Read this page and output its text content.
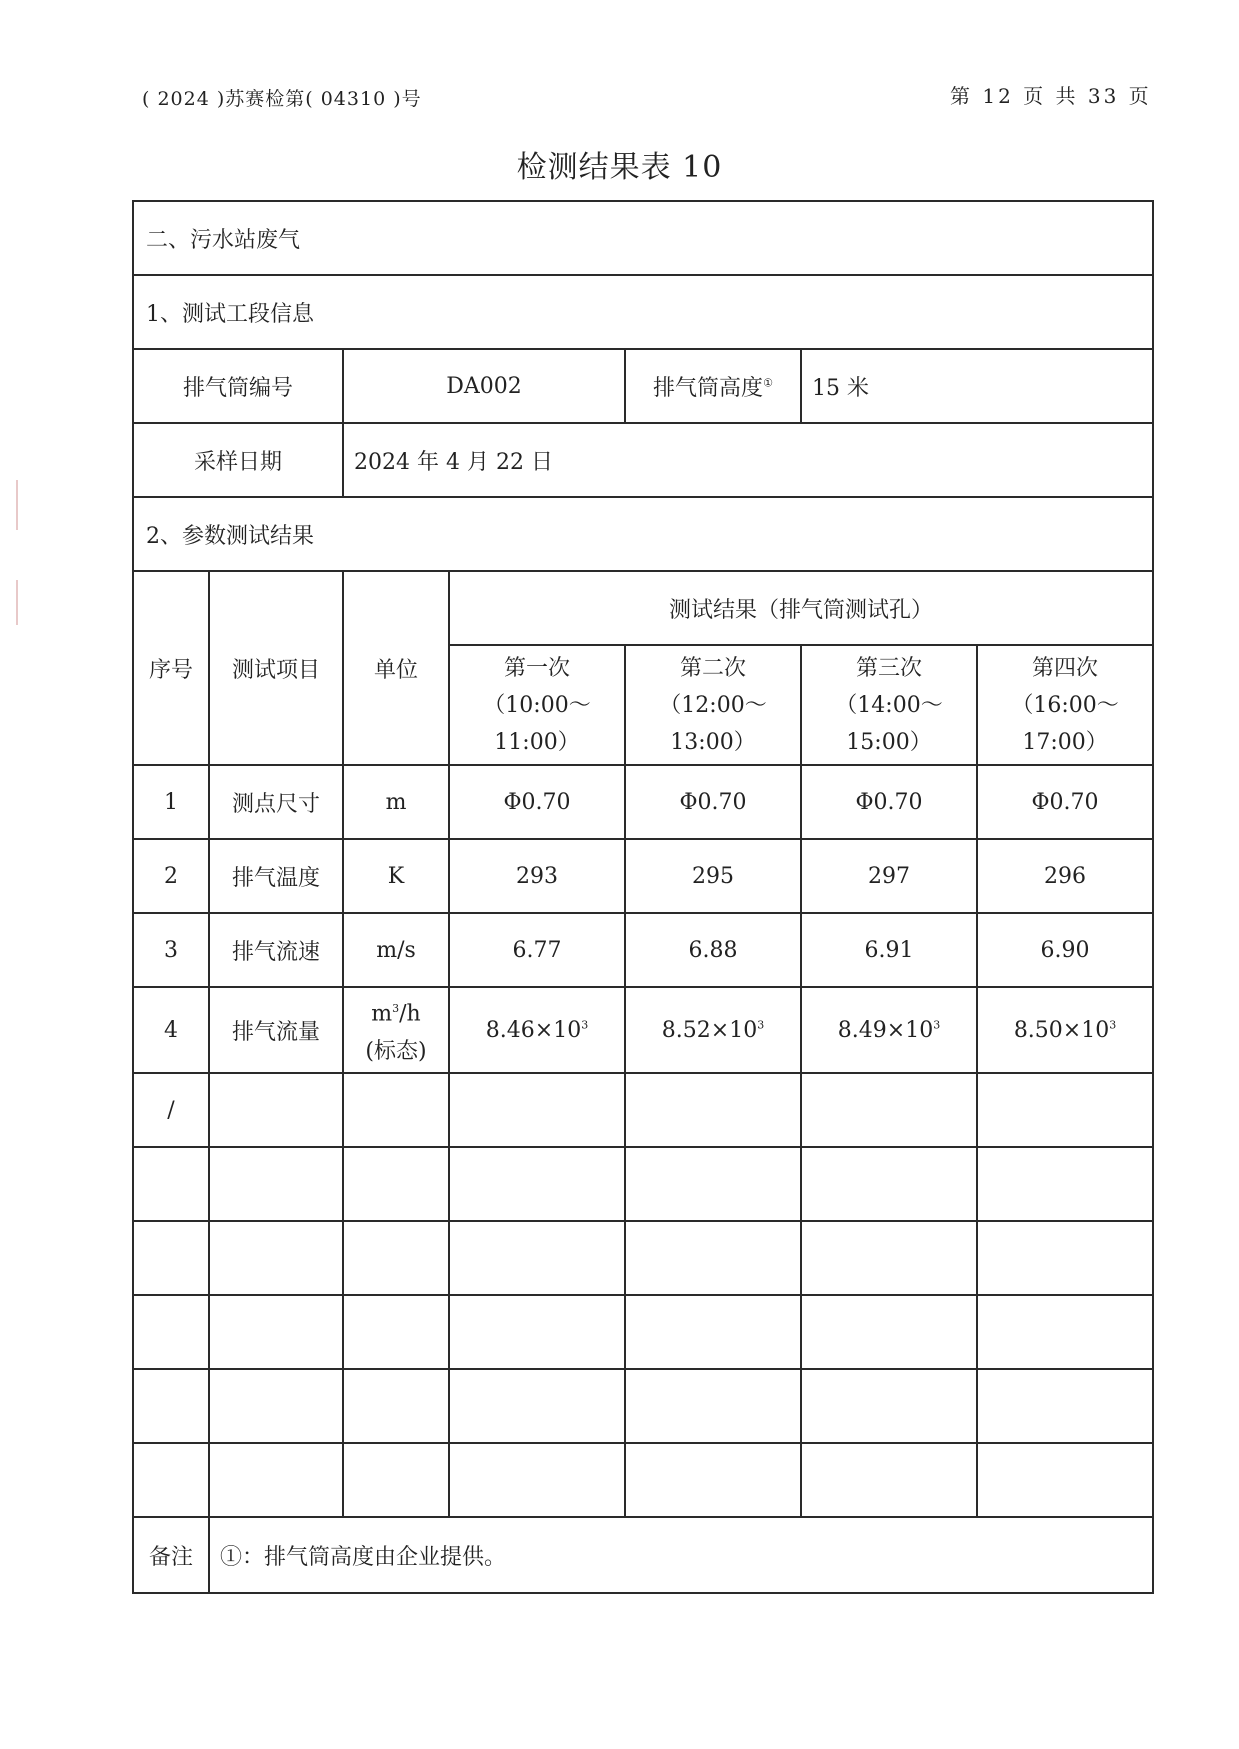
( 2024 )苏赛检第( 04310 )号	第 12 页 共 33 页
检测结果表 10
二、污水站废气						
1、测试工段信息						
排气筒编号		DA002		排气筒高度①	15 米	
采样日期		2024 年 4 月 22 日				
2、参数测试结果						
序号	测试项目	单位	测试结果（排气筒测试孔）			
			第一次
（10:00～
11:00）	第二次
（12:00～
13:00）	第三次
（14:00～
15:00）	第四次
（16:00～
17:00）
1	测点尺寸	m	Φ0.70	Φ0.70	Φ0.70	Φ0.70
2	排气温度	K	293	295	297	296
3	排气流速	m/s	6.77	6.88	6.91	6.90
4	排气流量	$m^3/h$
(标态)	$8.46\times 10^3$	$8.52\times 10^3$	$8.49\times 10^3$	$8.50\times 10^3$
/						

备注	①：排气筒高度由企业提供。					
